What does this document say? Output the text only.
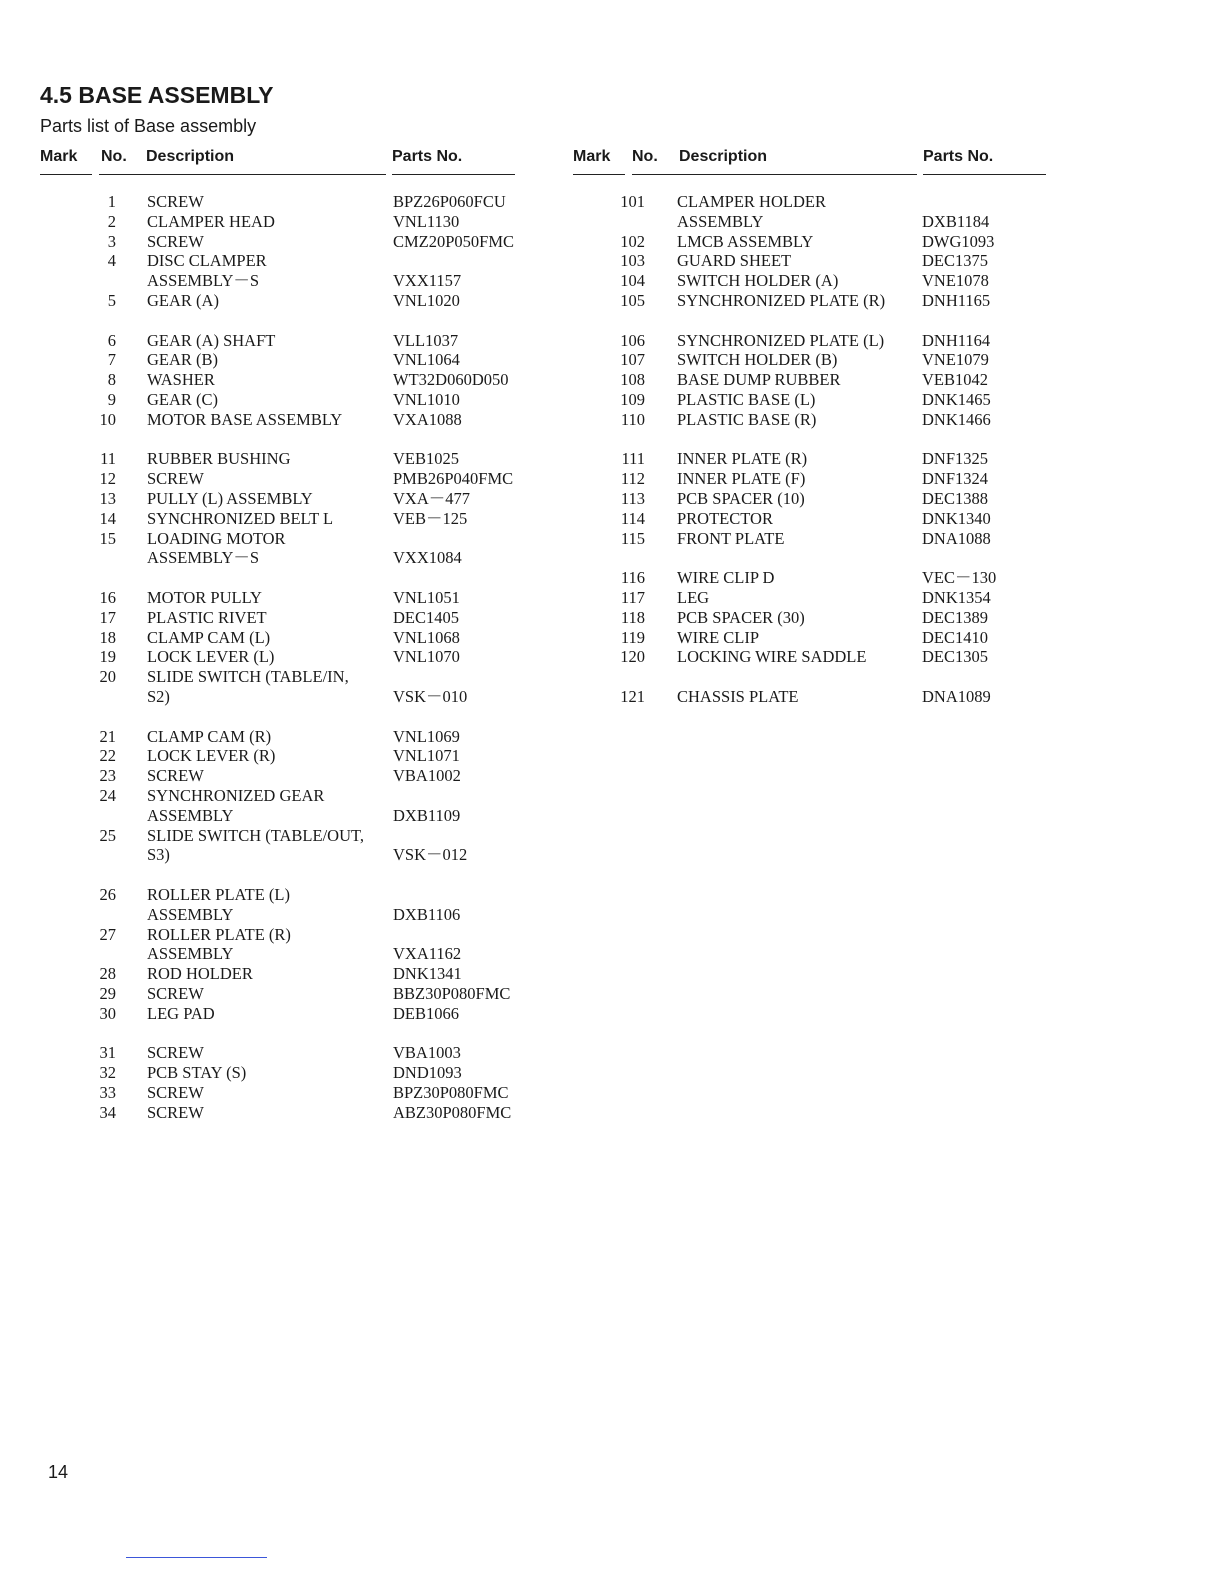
4.5 BASE ASSEMBLY

Parts list of Base assembly

Mark No. Description	Parts No.	Mark No. Description	Parts No.
1 SCREW	BPZ26P060FCU
2 CLAMPER HEAD	VNL1130
3 SCREW	CMZ20P050FMC
4 DISC CLAMPER
ASSEMBLY－S	VXX1157
5 GEAR (A)	VNL1020
6 GEAR (A) SHAFT	VLL1037
7 GEAR (B)	VNL1064
8 WASHER	WT32D060D050
9 GEAR (C)	VNL1010
10 MOTOR BASE ASSEMBLY	VXA1088
11 RUBBER BUSHING	VEB1025
12 SCREW	PMB26P040FMC
13 PULLY (L) ASSEMBLY	VXA－477
14 SYNCHRONIZED BELT L	VEB－125
15 LOADING MOTOR
ASSEMBLY－S	VXX1084
16 MOTOR PULLY	VNL1051
17 PLASTIC RIVET	DEC1405
18 CLAMP CAM (L)	VNL1068
19 LOCK LEVER (L)	VNL1070
20 SLIDE SWITCH (TABLE/IN,
S2)	VSK－010
21 CLAMP CAM (R)	VNL1069
22 LOCK LEVER (R)	VNL1071
23 SCREW	VBA1002
24 SYNCHRONIZED GEAR
ASSEMBLY	DXB1109
25 SLIDE SWITCH (TABLE/OUT,
S3)	VSK－012
26 ROLLER PLATE (L)
ASSEMBLY	DXB1106
27 ROLLER PLATE (R)
ASSEMBLY	VXA1162
28 ROD HOLDER	DNK1341
29 SCREW	BBZ30P080FMC
30 LEG PAD	DEB1066
31 SCREW	VBA1003
32 PCB STAY (S)	DND1093
33 SCREW	BPZ30P080FMC
34 SCREW	ABZ30P080FMC
101 CLAMPER HOLDER
ASSEMBLY	DXB1184
102 LMCB ASSEMBLY	DWG1093
103 GUARD SHEET	DEC1375
104 SWITCH HOLDER (A)	VNE1078
105 SYNCHRONIZED PLATE (R) DNH1165
106 SYNCHRONIZED PLATE (L) DNH1164
107 SWITCH HOLDER (B)	VNE1079
108 BASE DUMP RUBBER	VEB1042
109 PLASTIC BASE (L)	DNK1465
110 PLASTIC BASE (R)	DNK1466
111 INNER PLATE (R)	DNF1325
112 INNER PLATE (F)	DNF1324
113 PCB SPACER (10)	DEC1388
114 PROTECTOR	DNK1340
115 FRONT PLATE	DNA1088
116 WIRE CLIP D	VEC－130
117 LEG	DNK1354
118 PCB SPACER (30)	DEC1389
119 WIRE CLIP	DEC1410
120 LOCKING WIRE SADDLE	DEC1305
121 CHASSIS PLATE	DNA1089
14
